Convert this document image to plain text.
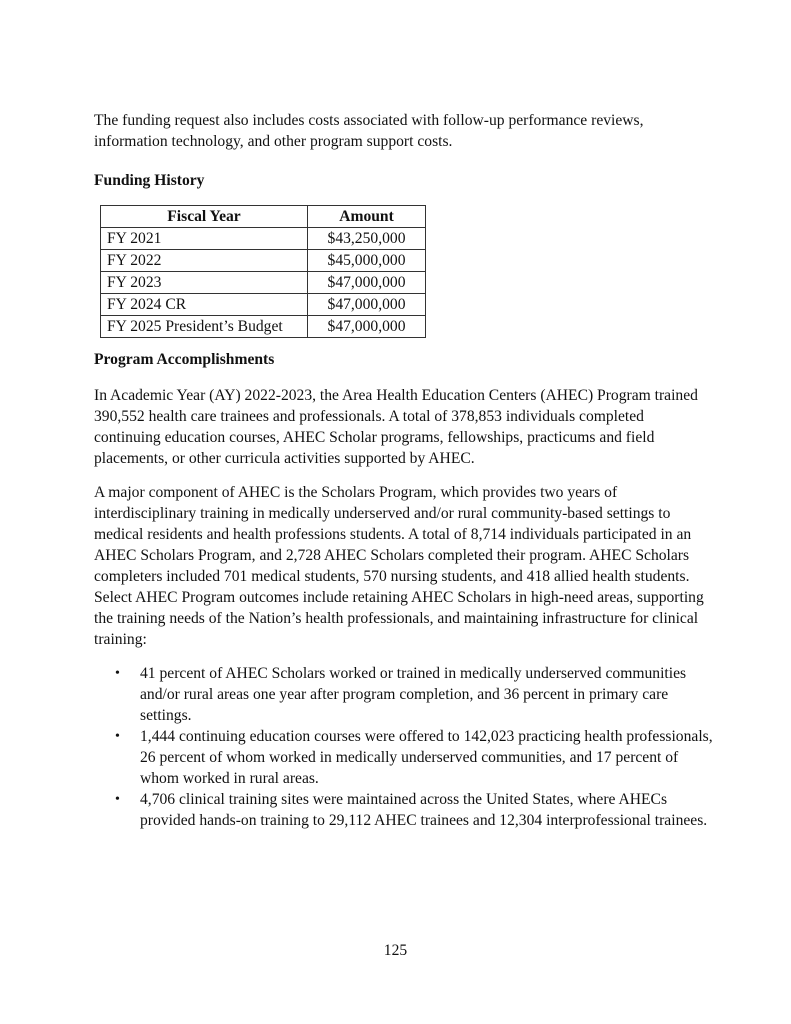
The funding request also includes costs associated with follow-up performance reviews, information technology, and other program support costs.

Funding History
Fiscal Year	Amount
FY 2021	$43,250,000
FY 2022	$45,000,000
FY 2023	$47,000,000
FY 2024 CR	$47,000,000
FY 2025 President’s Budget	$47,000,000
Program Accomplishments

In Academic Year (AY) 2022-2023, the Area Health Education Centers (AHEC) Program trained 390,552 health care trainees and professionals. A total of 378,853 individuals completed continuing education courses, AHEC Scholar programs, fellowships, practicums and field placements, or other curricula activities supported by AHEC.

A major component of AHEC is the Scholars Program, which provides two years of interdisciplinary training in medically underserved and/or rural community-based settings to medical residents and health professions students. A total of 8,714 individuals participated in an AHEC Scholars Program, and 2,728 AHEC Scholars completed their program. AHEC Scholars completers included 701 medical students, 570 nursing students, and 418 allied health students. Select AHEC Program outcomes include retaining AHEC Scholars in high-need areas, supporting the training needs of the Nation’s health professionals, and maintaining infrastructure for clinical training:

• 41 percent of AHEC Scholars worked or trained in medically underserved communities and/or rural areas one year after program completion, and 36 percent in primary care settings.
• 1,444 continuing education courses were offered to 142,023 practicing health professionals, 26 percent of whom worked in medically underserved communities, and 17 percent of whom worked in rural areas.
• 4,706 clinical training sites were maintained across the United States, where AHECs provided hands-on training to 29,112 AHEC trainees and 12,304 interprofessional trainees.
125
